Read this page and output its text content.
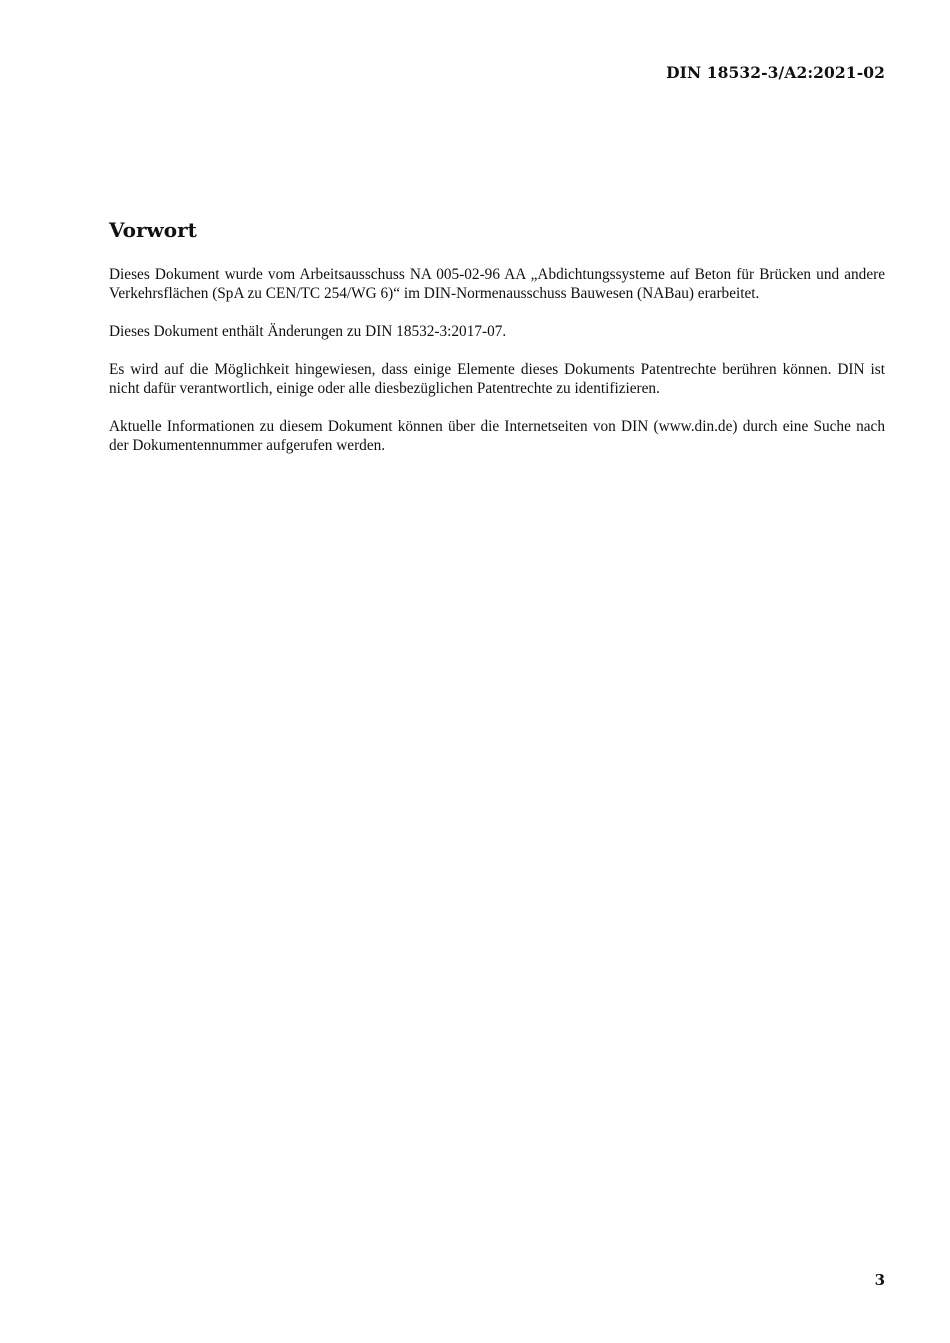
DIN 18532-3/A2:2021-02
Vorwort

Dieses Dokument wurde vom Arbeitsausschuss NA 005-02-96 AA „Abdichtungssysteme auf Beton für Brücken und andere Verkehrsflächen (SpA zu CEN/TC 254/WG 6)“ im DIN-Normenausschuss Bauwesen (NABau) erarbeitet.

Dieses Dokument enthält Änderungen zu DIN 18532-3:2017-07.

Es wird auf die Möglichkeit hingewiesen, dass einige Elemente dieses Dokuments Patentrechte berühren können. DIN ist nicht dafür verantwortlich, einige oder alle diesbezüglichen Patentrechte zu identifizieren.

Aktuelle Informationen zu diesem Dokument können über die Internetseiten von DIN (www.din.de) durch eine Suche nach der Dokumentennummer aufgerufen werden.

3
